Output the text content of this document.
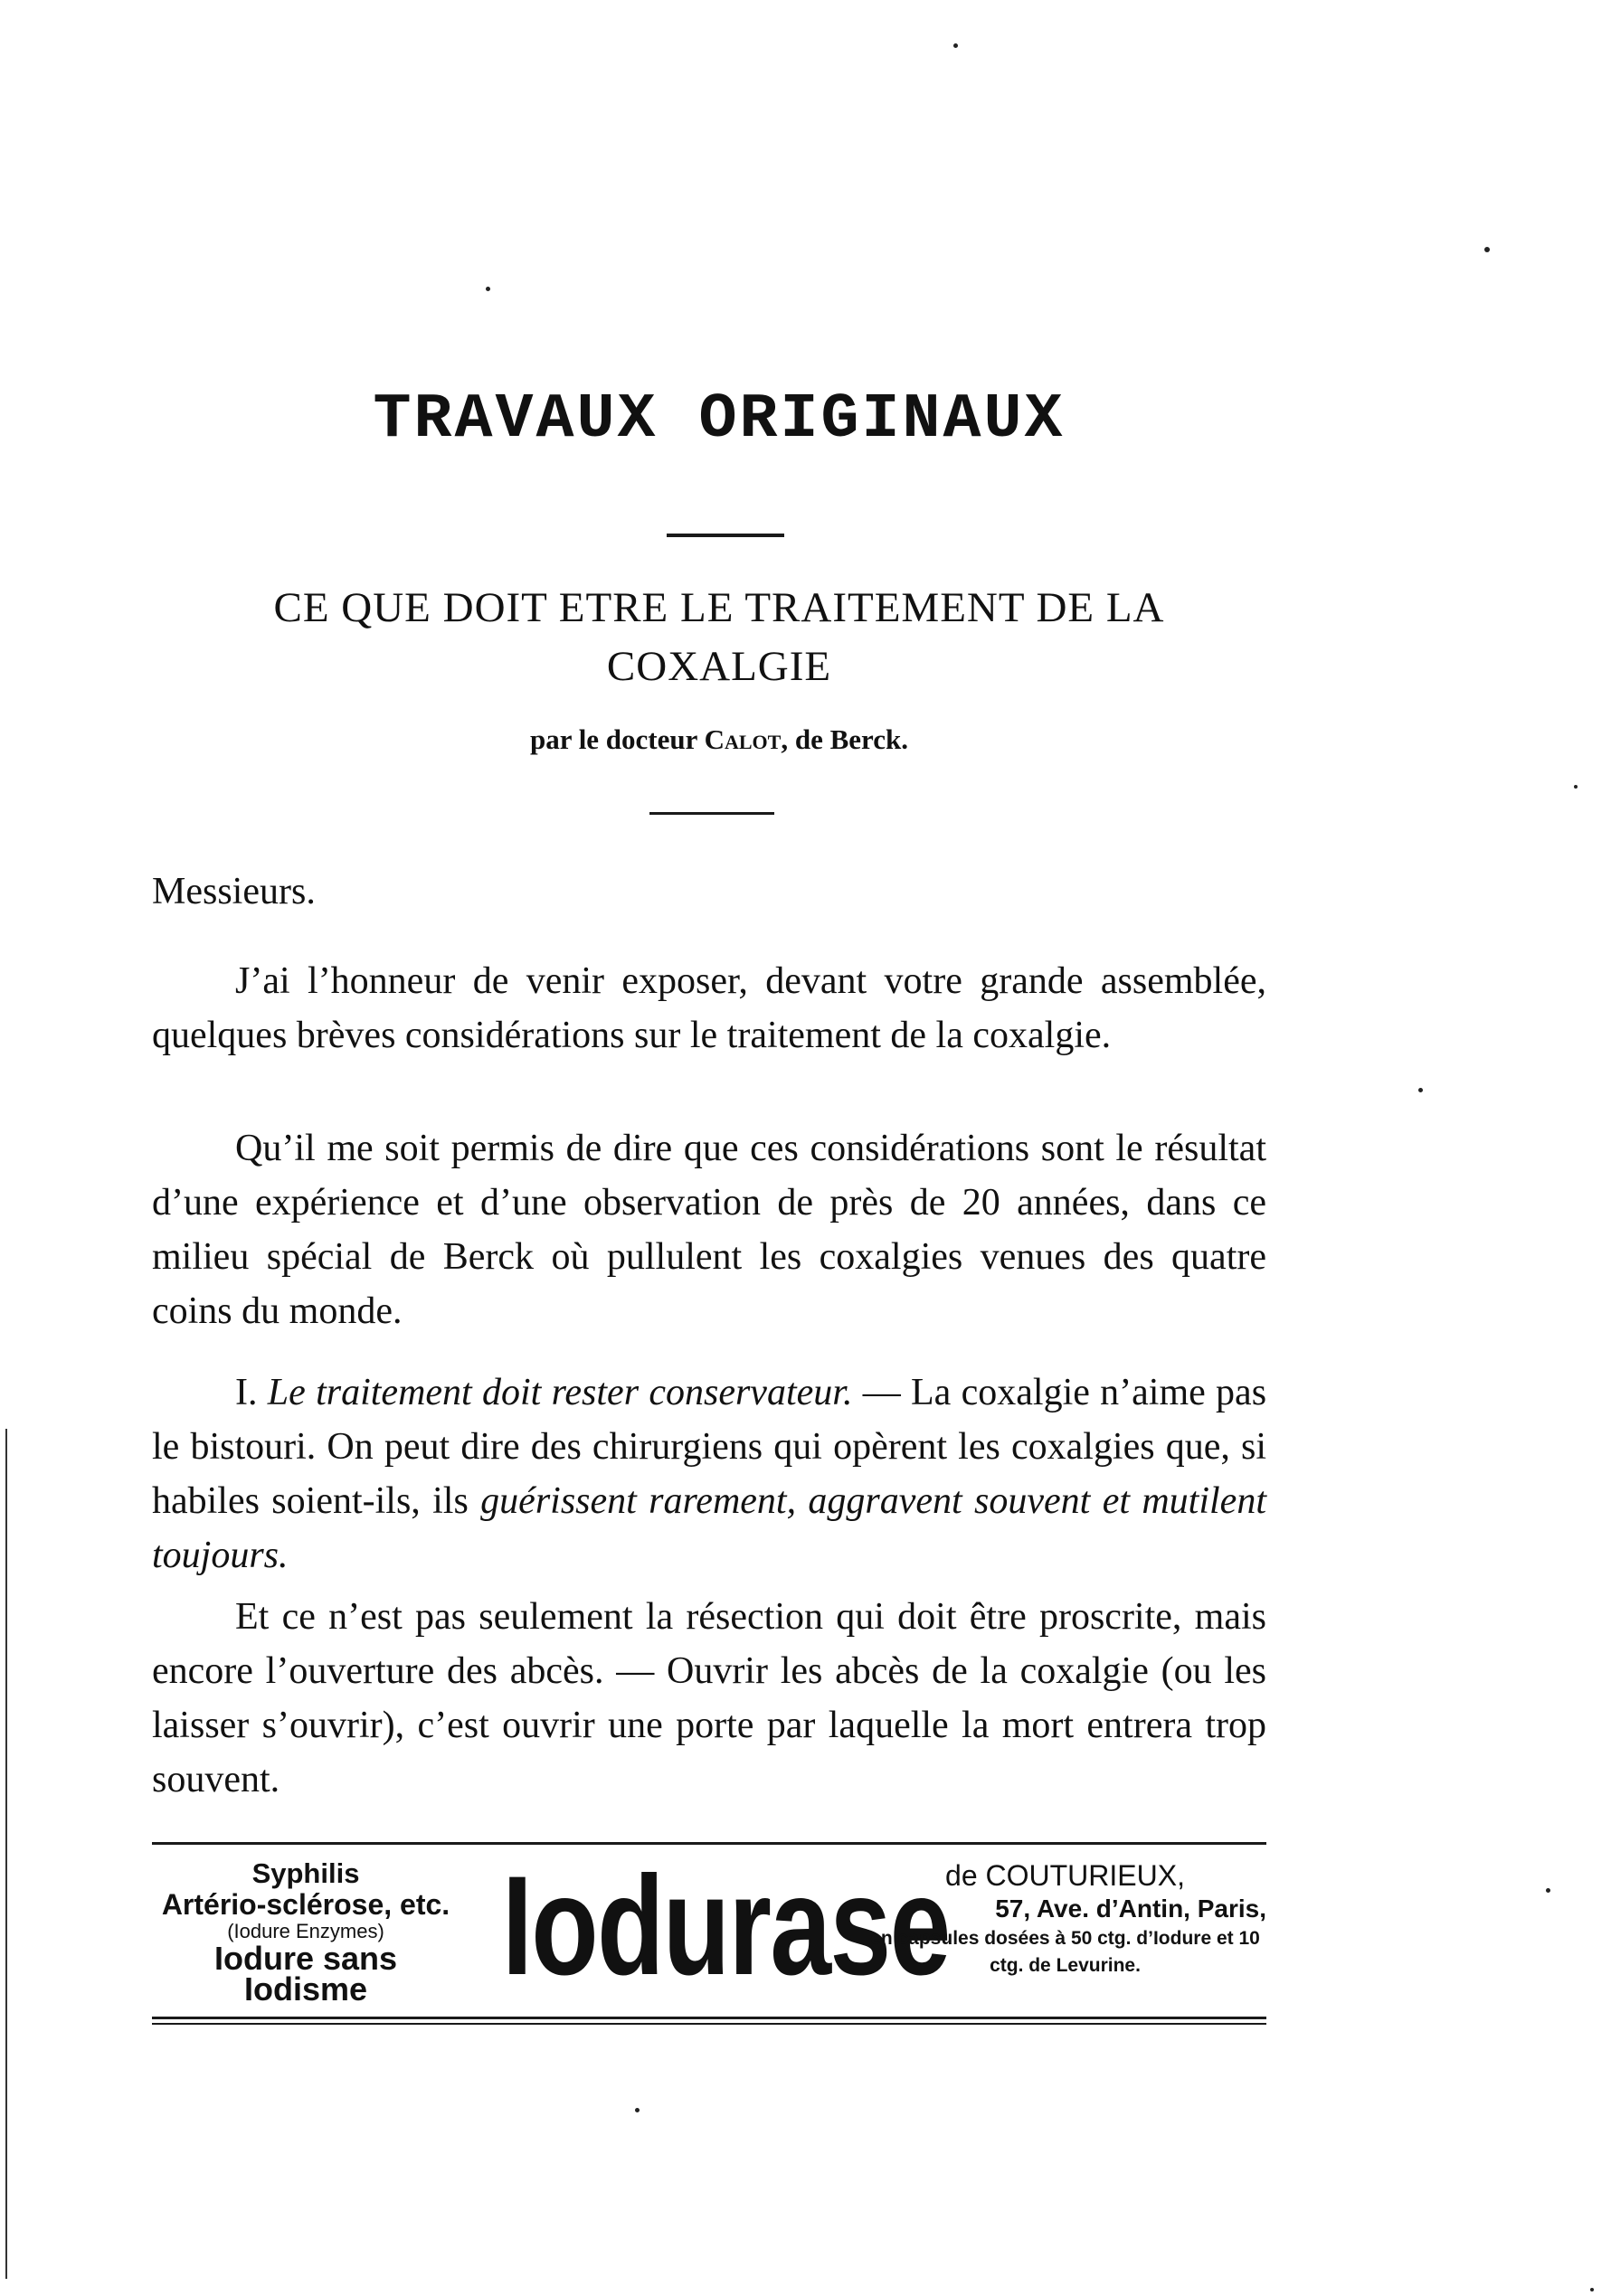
TRAVAUX ORIGINAUX
CE QUE DOIT ETRE LE TRAITEMENT DE LA
COXALGIE
par le docteur Calot, de Berck.
Messieurs.
J’ai l’honneur de venir exposer, devant votre grande assemblée, quelques brèves considérations sur le traitement de la coxalgie.
Qu’il me soit permis de dire que ces considérations sont le résultat d’une expérience et d’une observation de près de 20 années, dans ce milieu spécial de Berck où pullulent les coxalgies venues des quatre coins du monde.
I. Le traitement doit rester conservateur. — La coxalgie n’aime pas le bistouri. On peut dire des chirurgiens qui opèrent les coxalgies que, si habiles soient-ils, ils guérissent rarement, aggravent souvent et mutilent toujours.
Et ce n’est pas seulement la résection qui doit être proscrite, mais encore l’ouverture des abcès. — Ouvrir les abcès de la coxalgie (ou les laisser s’ouvrir), c’est ouvrir une porte par laquelle la mort entrera trop souvent.
Syphilis
Artério-sclérose, etc.
(Iodure Enzymes)
Iodure sans Iodisme Iodurase
de COUTURIEUX,
57, Ave. d’Antin, Paris,
en capsules dosées à 50 ctg. d’Iodure et 10 ctg. de Levurine.
